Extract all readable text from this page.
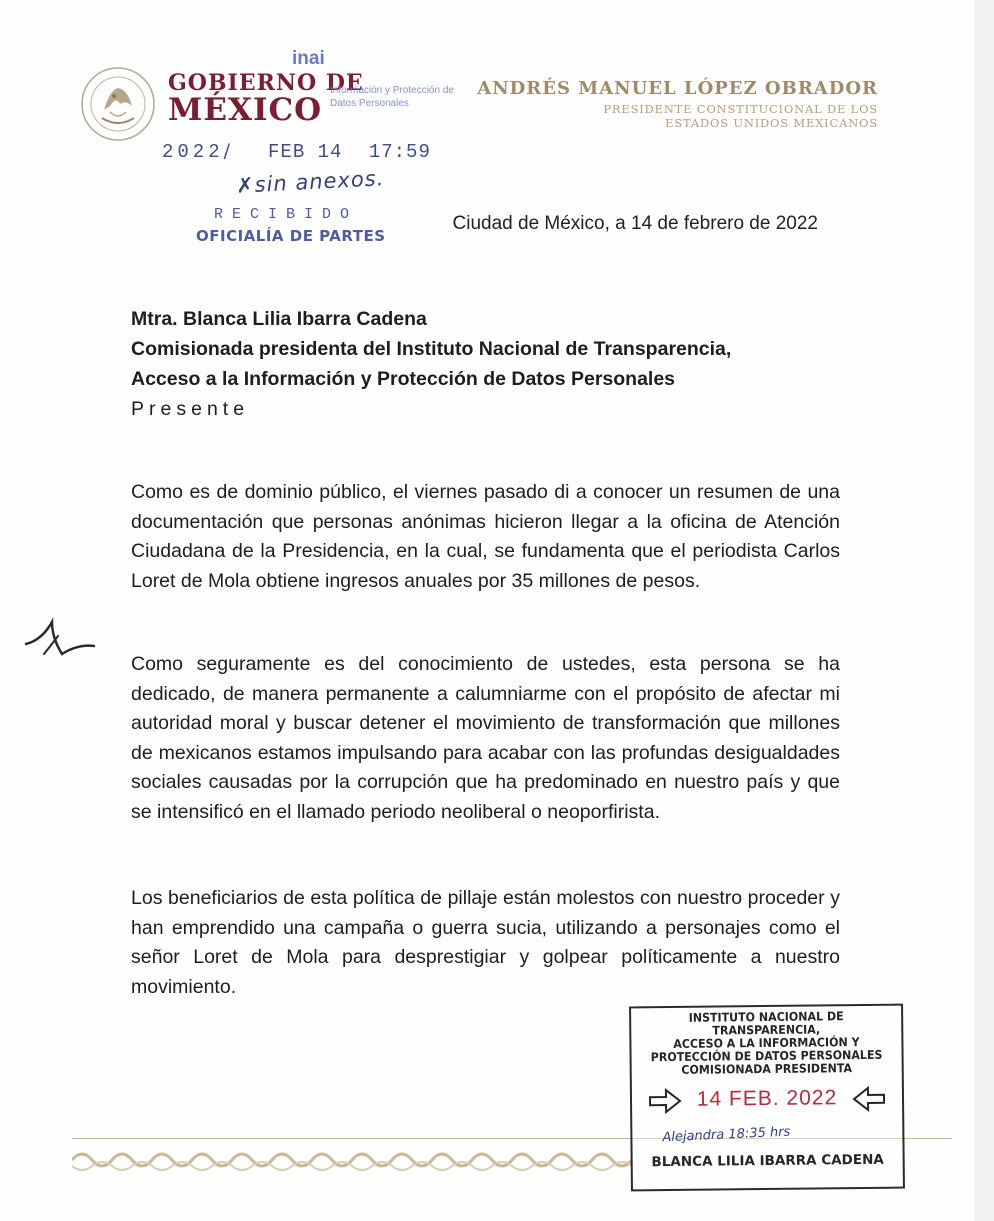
GOBIERNO DE
MÉXICO
inai
Información y Protección de
Datos Personales
ANDRÉS MANUEL LÓPEZ OBRADOR
PRESIDENTE CONSTITUCIONAL DE LOS
ESTADOS UNIDOS MEXICANOS
2022/ FEB 14 17:59
✗sin anexos.
RECIBIDO
OFICIALÍA DE PARTES
Ciudad de México, a 14 de febrero de 2022
Mtra. Blanca Lilia Ibarra Cadena
Comisionada presidenta del Instituto Nacional de Transparencia,
Acceso a la Información y Protección de Datos Personales
Presente
Como es de dominio público, el viernes pasado di a conocer un resumen de una documentación que personas anónimas hicieron llegar a la oficina de Atención Ciudadana de la Presidencia, en la cual, se fundamenta que el periodista Carlos Loret de Mola obtiene ingresos anuales por 35 millones de pesos.
Como seguramente es del conocimiento de ustedes, esta persona se ha dedicado, de manera permanente a calumniarme con el propósito de afectar mi autoridad moral y buscar detener el movimiento de transformación que millones de mexicanos estamos impulsando para acabar con las profundas desigualdades sociales causadas por la corrupción que ha predominado en nuestro país y que se intensificó en el llamado periodo neoliberal o neoporfirista.
Los beneficiarios de esta política de pillaje están molestos con nuestro proceder y han emprendido una campaña o guerra sucia, utilizando a personajes como el señor Loret de Mola para desprestigiar y golpear políticamente a nuestro movimiento.
INSTITUTO NACIONAL DE TRANSPARENCIA,
ACCESO A LA INFORMACIÓN Y
PROTECCIÓN DE DATOS PERSONALES
COMISIONADA PRESIDENTA
14 FEB. 2022
Alejandra 18:35 hrs
BLANCA LILIA IBARRA CADENA
